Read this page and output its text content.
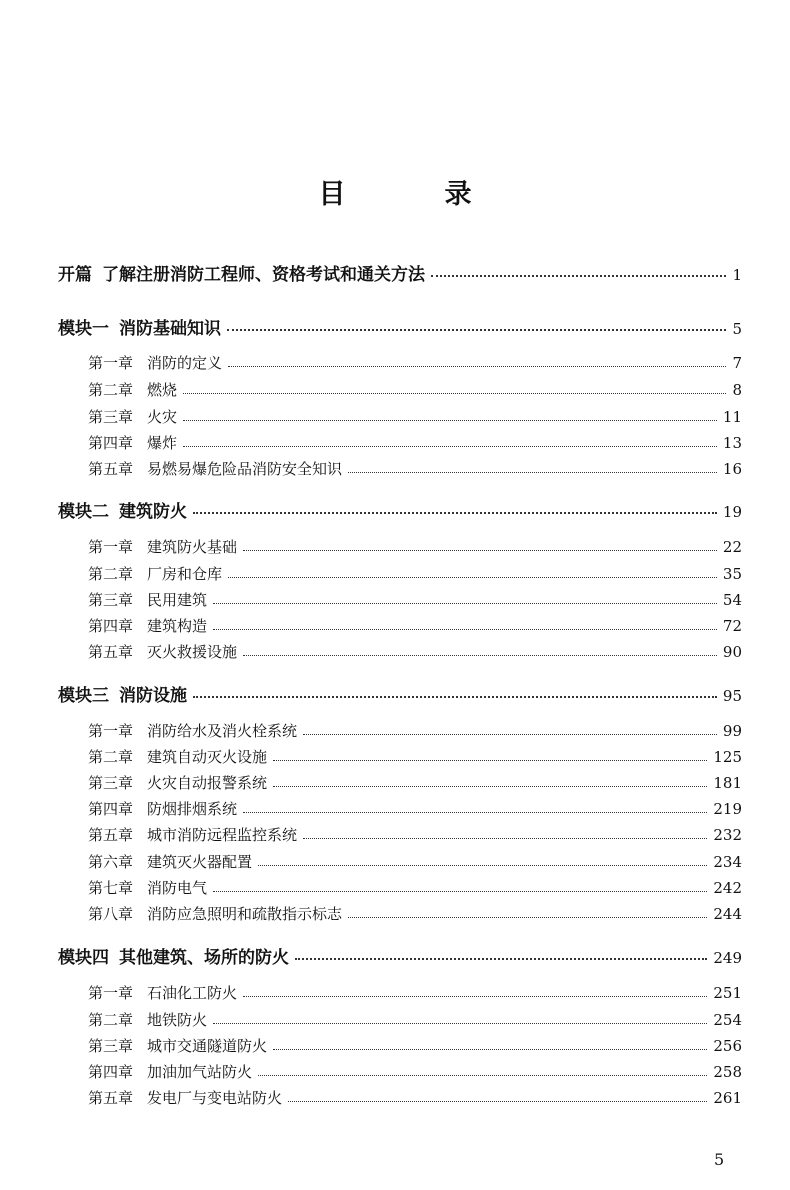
目　录
开篇 了解注册消防工程师、资格考试和通关方法	1
模块一 消防基础知识	5
第一章 消防的定义	7
第二章 燃烧	8
第三章 火灾	11
第四章 爆炸	13
第五章 易燃易爆危险品消防安全知识	16
模块二 建筑防火	19
第一章 建筑防火基础	22
第二章 厂房和仓库	35
第三章 民用建筑	54
第四章 建筑构造	72
第五章 灭火救援设施	90
模块三 消防设施	95
第一章 消防给水及消火栓系统	99
第二章 建筑自动灭火设施	125
第三章 火灾自动报警系统	181
第四章 防烟排烟系统	219
第五章 城市消防远程监控系统	232
第六章 建筑灭火器配置	234
第七章 消防电气	242
第八章 消防应急照明和疏散指示标志	244
模块四 其他建筑、场所的防火	249
第一章 石油化工防火	251
第二章 地铁防火	254
第三章 城市交通隧道防火	256
第四章 加油加气站防火	258
第五章 发电厂与变电站防火	261
5
